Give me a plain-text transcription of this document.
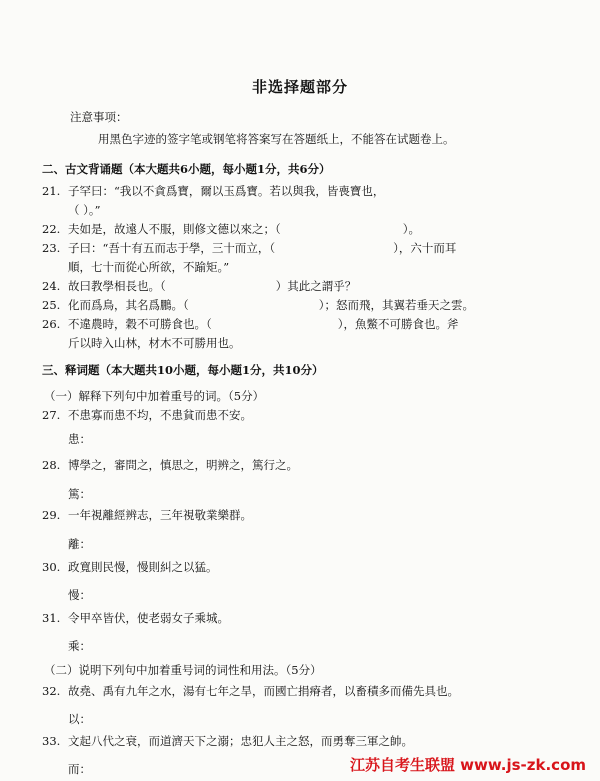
非选择题部分
注意事项：
用黑色字迹的签字笔或钢笔将答案写在答题纸上，不能答在试题卷上。
二、古文背诵题（本大题共6小题，每小题1分，共6分）
21. 子罕曰：“我以不貪爲寶，爾以玉爲寶。若以與我，皆喪寶也，
（ ）。”
22. 夫如是，故遠人不服，則修文德以來之；（	）。
23. 子曰：“吾十有五而志于學，三十而立，（	），六十而耳
順，七十而從心所欲，不踰矩。”
24. 故曰教學相長也。（	）其此之謂乎？
25. 化而爲鳥，其名爲鵬。（	）；怒而飛，其翼若垂天之雲。
26. 不違農時，穀不可勝食也。（	），魚鱉不可勝食也。斧
斤以時入山林，材木不可勝用也。
三、释词题（本大题共10小题，每小题1分，共10分）
（一）解释下列句中加着重号的词。（5分）
27. 不患寡而患不均，不患貧而患不安。
患：
28. 博學之，審問之，慎思之，明辨之，篤行之。
篤：
29. 一年視離經辨志，三年視敬業樂群。
離：
30. 政寬則民慢，慢則糾之以猛。
慢：
31. 令甲卒皆伏，使老弱女子乘城。
乘：
（二）说明下列句中加着重号词的词性和用法。（5分）
32. 故堯、禹有九年之水，湯有七年之旱，而國亡捐瘠者，以畜積多而備先具也。
以：
33. 文起八代之衰，而道濟天下之溺；忠犯人主之怒，而勇奪三軍之帥。
而：	江苏自考生联盟 www.js-zk.com
